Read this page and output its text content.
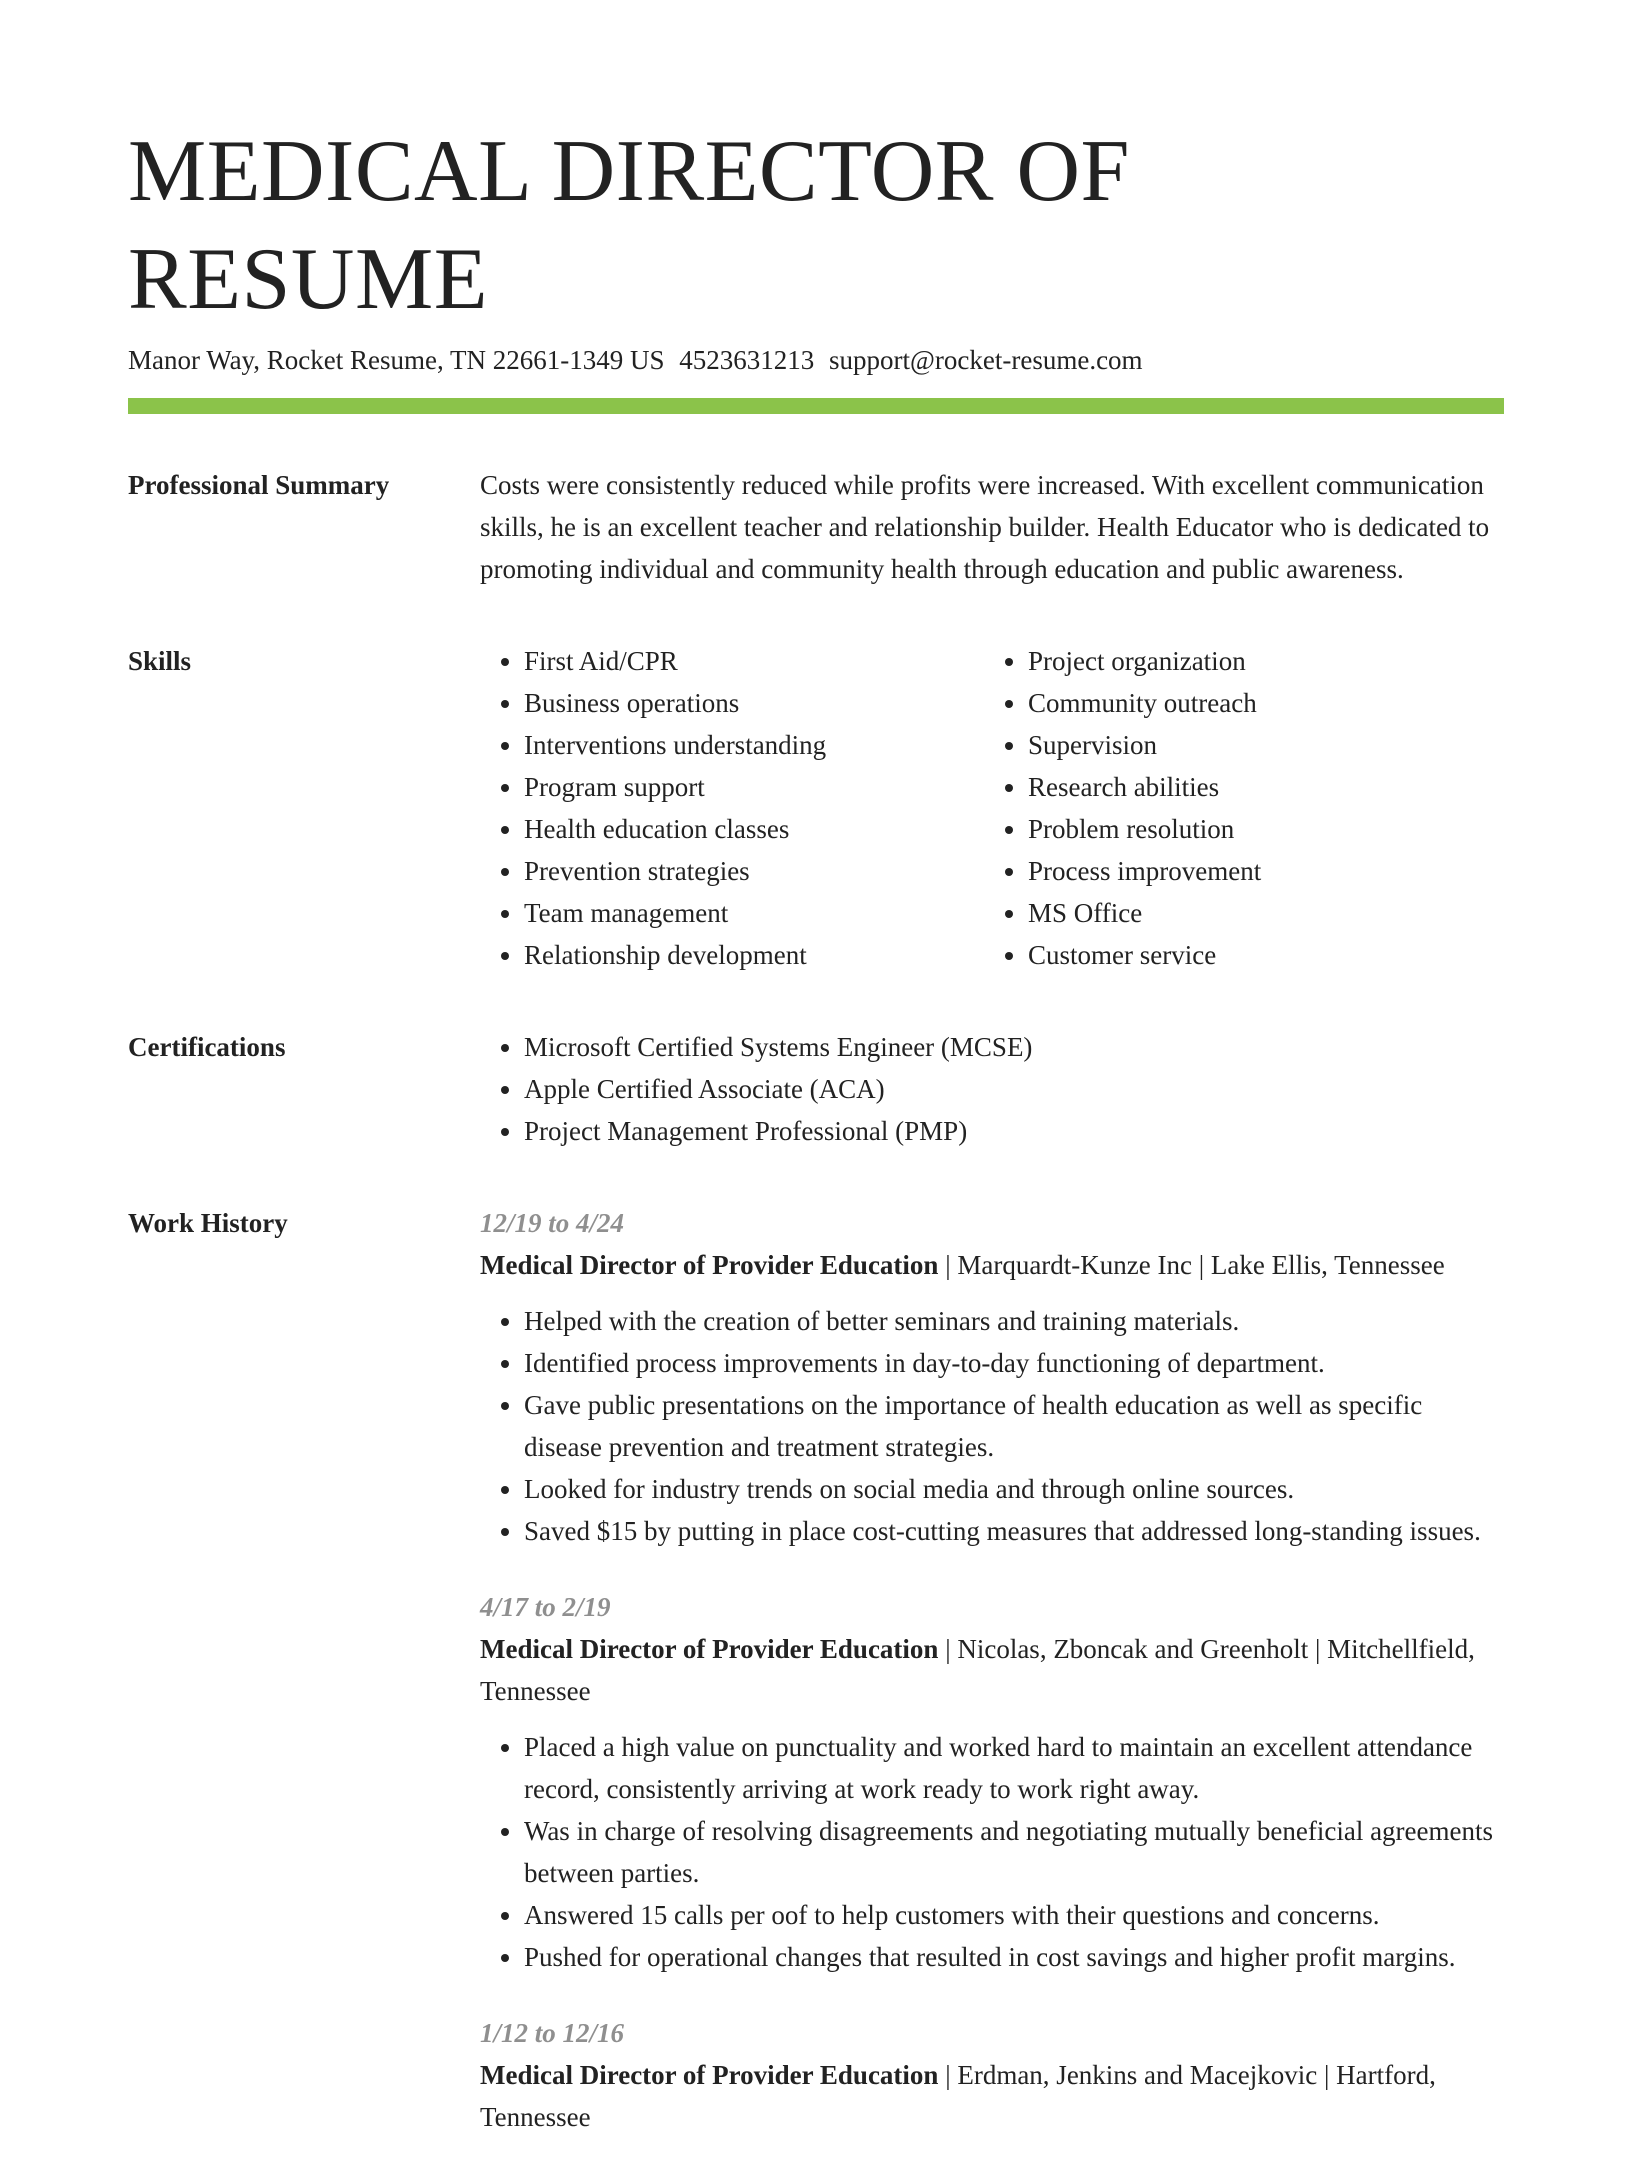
MEDICAL DIRECTOR OF RESUME
Manor Way, Rocket Resume, TN 22661-1349 US 4523631213 support@rocket-resume.com
Professional Summary	Costs were consistently reduced while profits were increased. With excellent communication skills, he is an excellent teacher and relationship builder. Health Educator who is dedicated to promoting individual and community health through education and public awareness.

Skills	• First Aid/CPR
• Business operations
• Interventions understanding
• Program support
• Health education classes
• Prevention strategies
• Team management
• Relationship development
• Project organization
• Community outreach
• Supervision
• Research abilities
• Problem resolution
• Process improvement
• MS Office
• Customer service
Certifications	• Microsoft Certified Systems Engineer (MCSE)
• Apple Certified Associate (ACA)
• Project Management Professional (PMP)
Work History	12/19 to 4/24
Medical Director of Provider Education | Marquardt-Kunze Inc | Lake Ellis, Tennessee
• Helped with the creation of better seminars and training materials.
• Identified process improvements in day-to-day functioning of department.
• Gave public presentations on the importance of health education as well as specific disease prevention and treatment strategies.
• Looked for industry trends on social media and through online sources.
• Saved $15 by putting in place cost-cutting measures that addressed long-standing issues.
4/17 to 2/19
Medical Director of Provider Education | Nicolas, Zboncak and Greenholt | Mitchellfield, Tennessee
• Placed a high value on punctuality and worked hard to maintain an excellent attendance record, consistently arriving at work ready to work right away.
• Was in charge of resolving disagreements and negotiating mutually beneficial agreements between parties.
• Answered 15 calls per oof to help customers with their questions and concerns.
• Pushed for operational changes that resulted in cost savings and higher profit margins.
1/12 to 12/16
Medical Director of Provider Education | Erdman, Jenkins and Macejkovic | Hartford, Tennessee
